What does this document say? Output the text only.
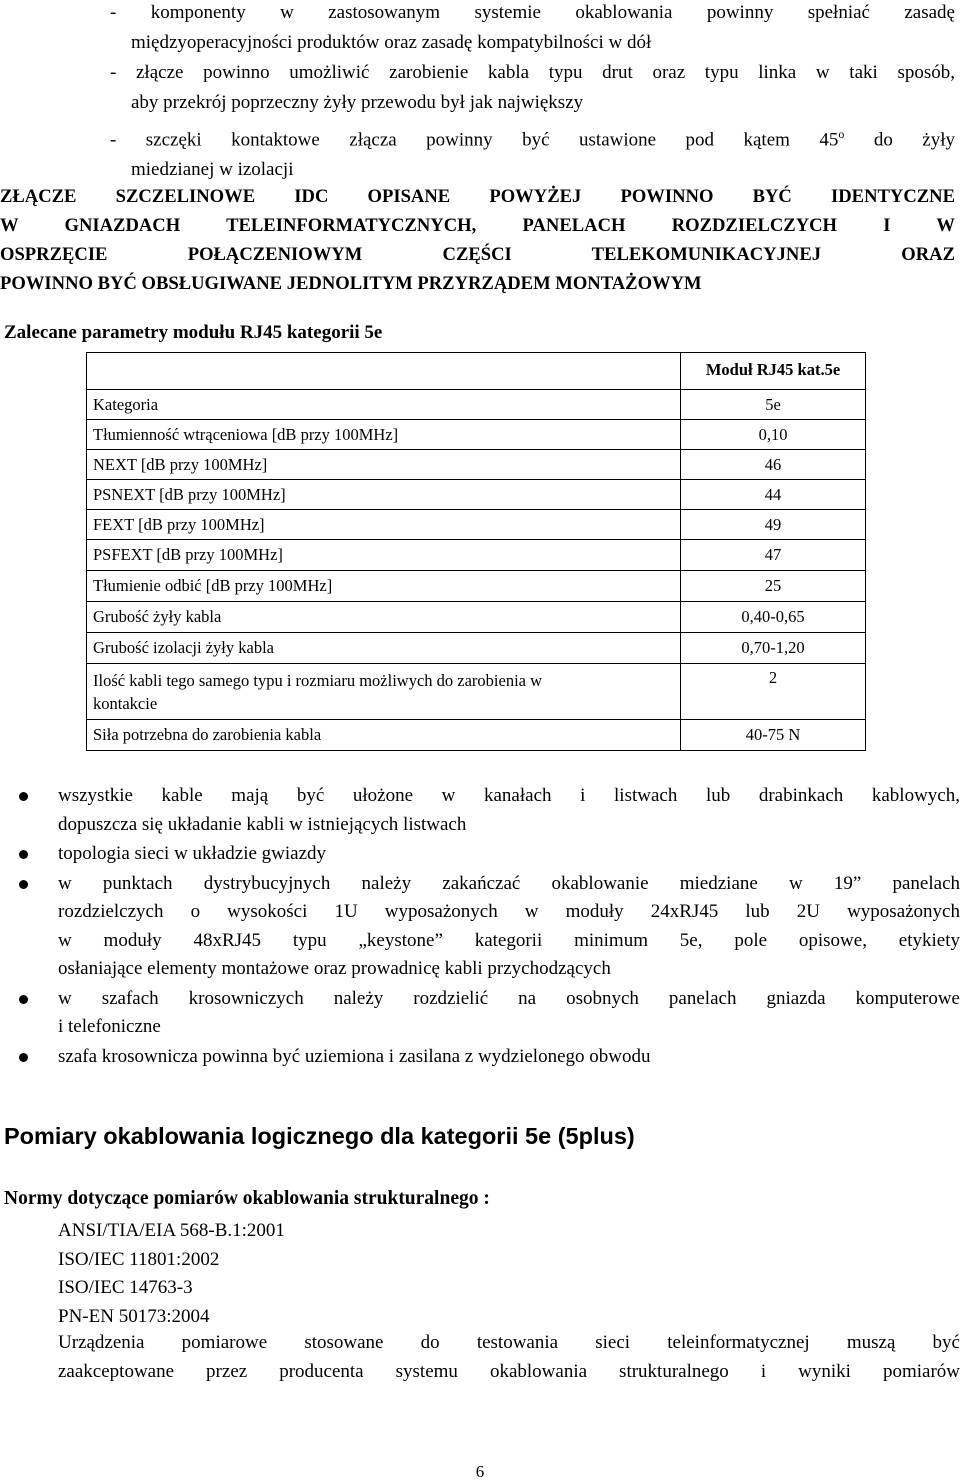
- komponenty w zastosowanym systemie okablowania powinny spełniać zasadę
międzyoperacyjności produktów oraz zasadę kompatybilności w dół
- złącze powinno umożliwić zarobienie kabla typu drut oraz typu linka w taki sposób,
aby przekrój poprzeczny żyły przewodu był jak największy
- szczęki kontaktowe złącza powinny być ustawione pod kątem 45$^o$ do żyły
miedzianej w izolacji
ZŁĄCZE SZCZELINOWE IDC OPISANE POWYŻEJ POWINNO BYĆ IDENTYCZNE
W GNIAZDACH TELEINFORMATYCZNYCH, PANELACH ROZDZIELCZYCH I W
OSPRZĘCIE POŁĄCZENIOWYM CZĘŚCI TELEKOMUNIKACYJNEJ ORAZ
POWINNO BYĆ OBSŁUGIWANE JEDNOLITYM PRZYRZĄDEM MONTAŻOWYM
Zalecane parametry modułu RJ45 kategorii 5e
	Moduł RJ45 kat.5e
Kategoria	5e
Tłumienność wtrąceniowa [dB przy 100MHz]	0,10
NEXT [dB przy 100MHz]	46
PSNEXT [dB przy 100MHz]	44
FEXT [dB przy 100MHz]	49
PSFEXT [dB przy 100MHz]	47
Tłumienie odbić [dB przy 100MHz]	25
Grubość żyły kabla	0,40-0,65
Grubość izolacji żyły kabla	0,70-1,20

Ilość kabli tego samego typu i rozmiaru możliwych do zarobienia w
kontakcie	2
Siła potrzebna do zarobienia kabla	40-75 N
wszystkie kable mają być ułożone w kanałach i listwach lub drabinkach kablowych,
dopuszcza się układanie kabli w istniejących listwach
topologia sieci w układzie gwiazdy
w punktach dystrybucyjnych należy zakańczać okablowanie miedziane w 19” panelach
rozdzielczych o wysokości 1U wyposażonych w moduły 24xRJ45 lub 2U wyposażonych
w moduły 48xRJ45 typu „keystone” kategorii minimum 5e, pole opisowe, etykiety
osłaniające elementy montażowe oraz prowadnicę kabli przychodzących
w szafach krosowniczych należy rozdzielić na osobnych panelach gniazda komputerowe
i telefoniczne
szafa krosownicza powinna być uziemiona i zasilana z wydzielonego obwodu
Pomiary okablowania logicznego dla kategorii 5e (5plus)
Normy dotyczące pomiarów okablowania strukturalnego :
ANSI/TIA/EIA 568-B.1:2001
ISO/IEC 11801:2002
ISO/IEC 14763-3
PN-EN 50173:2004
Urządzenia pomiarowe stosowane do testowania sieci teleinformatycznej muszą być
zaakceptowane przez producenta systemu okablowania strukturalnego i wyniki pomiarów
6
